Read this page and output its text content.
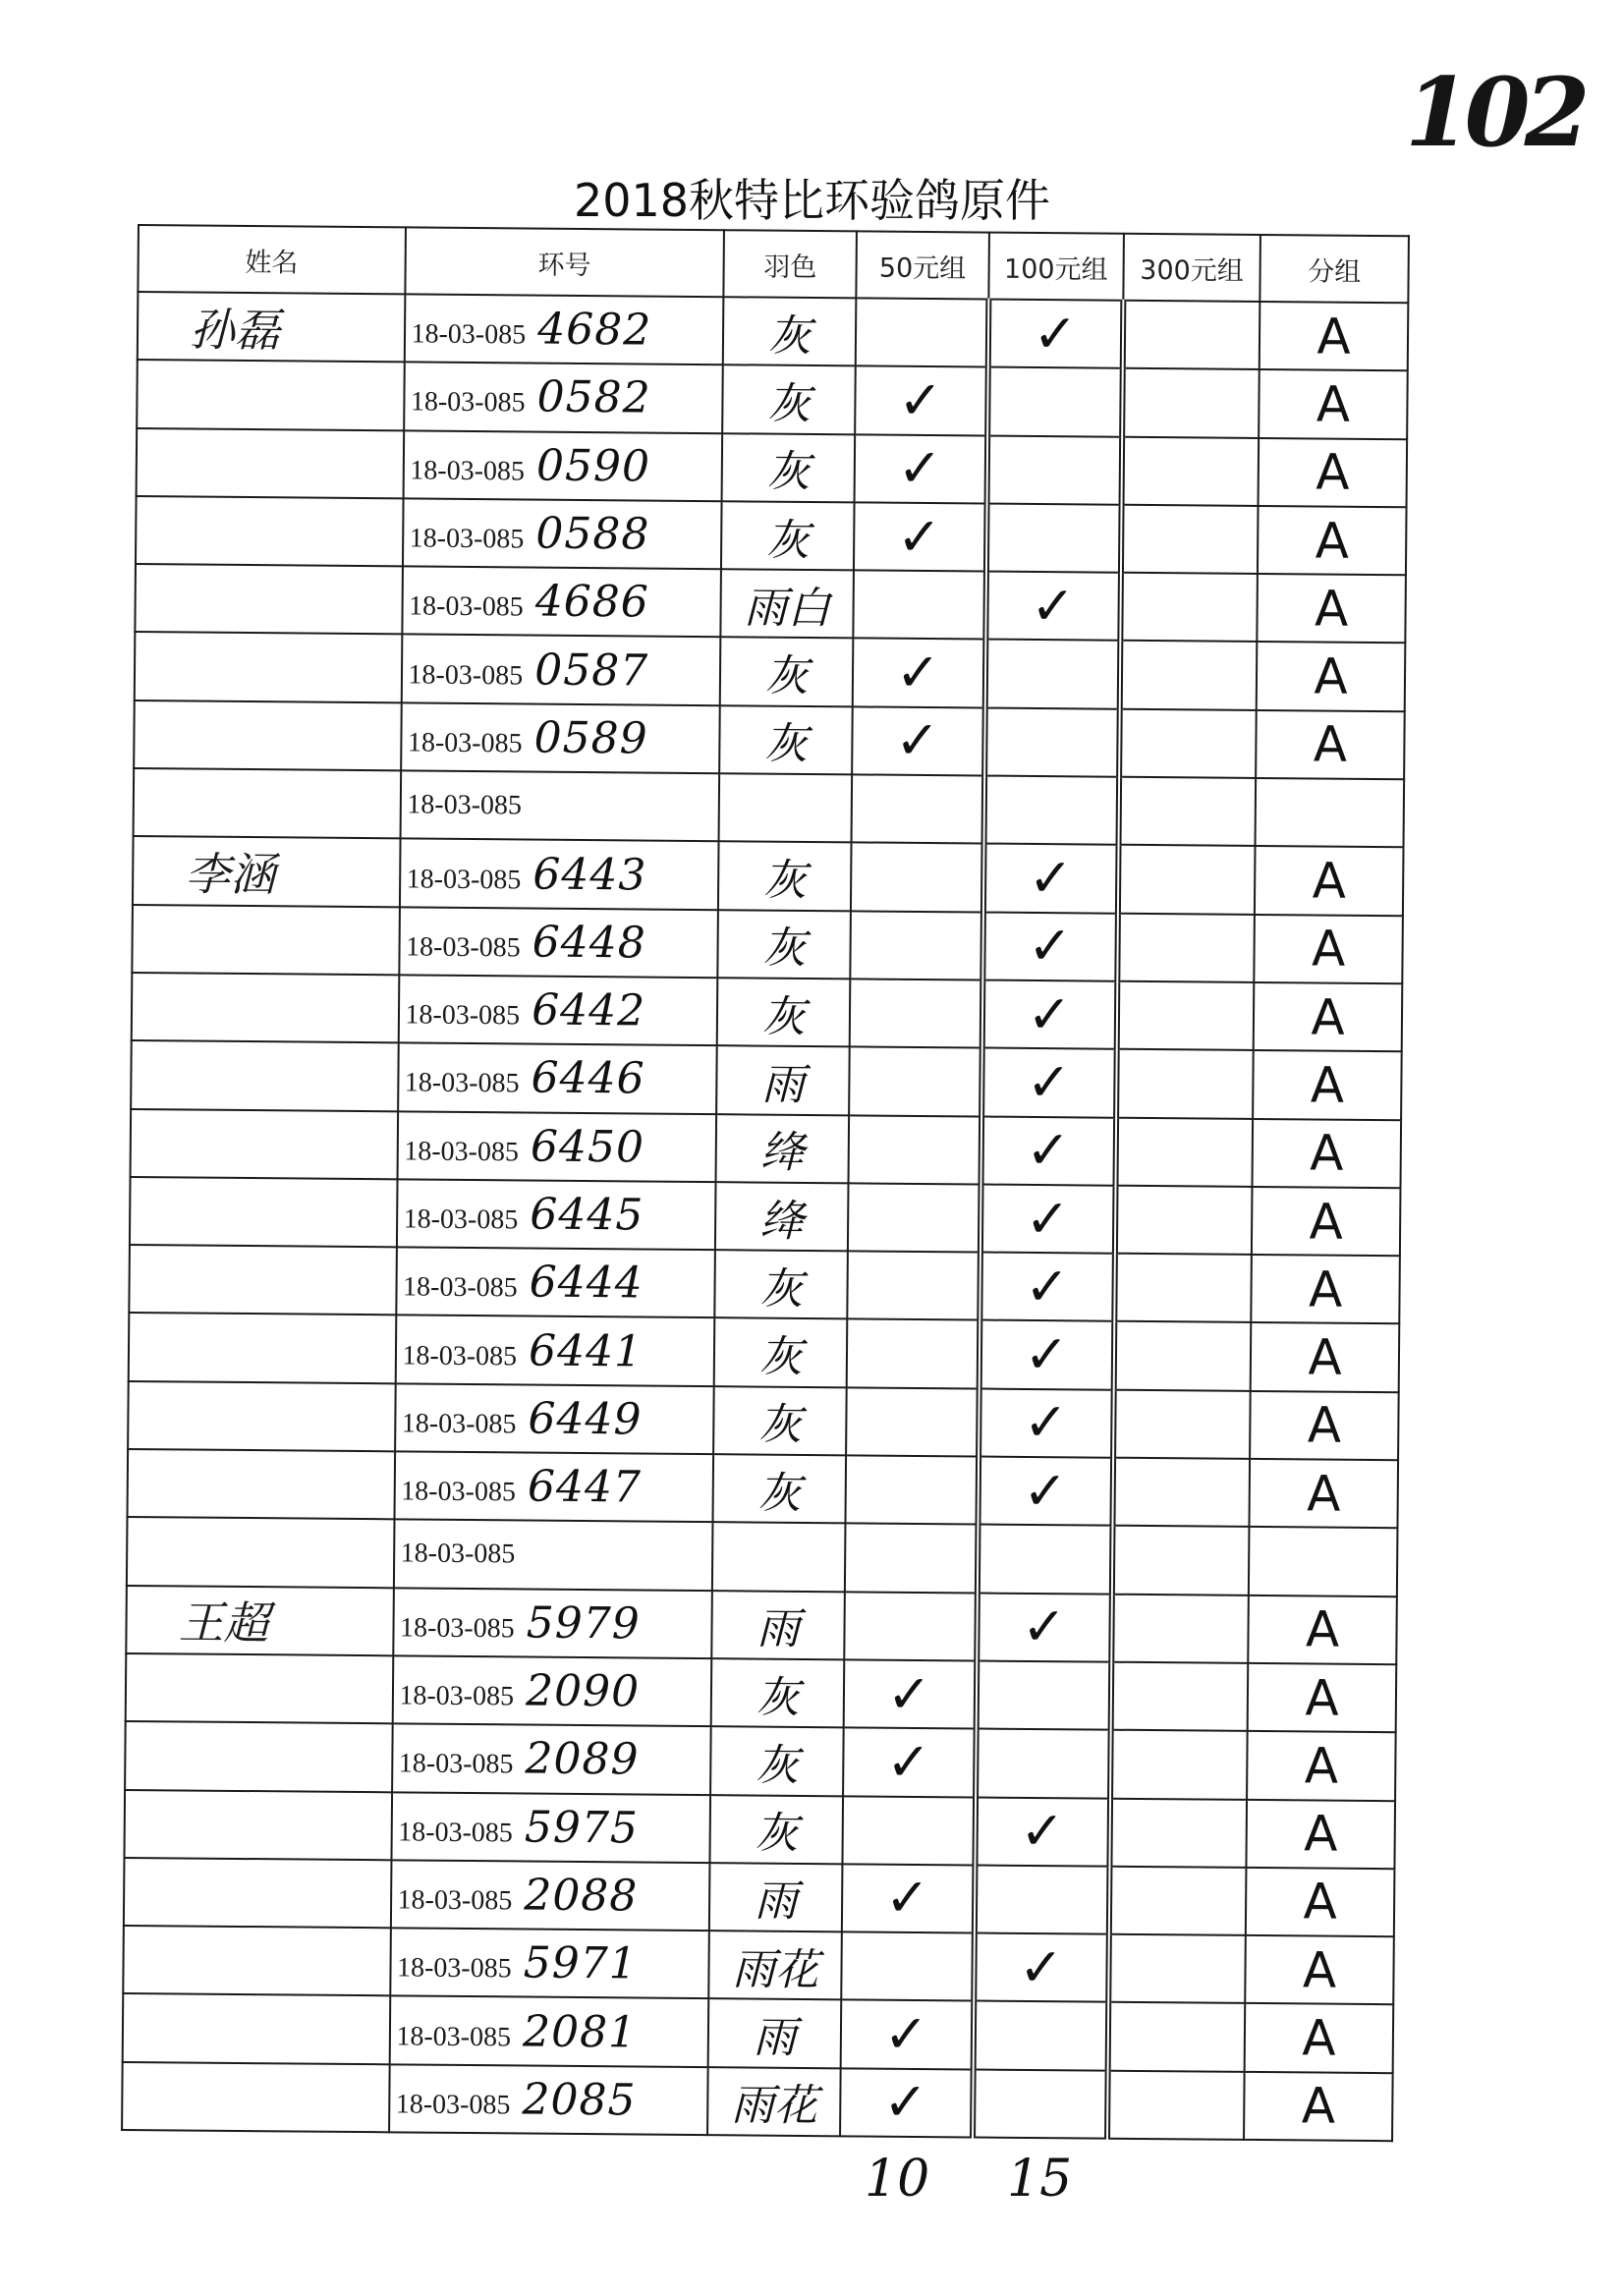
102
2018秋特比环验鸽原件
姓名	环号	羽色	50元组	100元组	300元组	分组
孙磊	18-03-085 4682	灰		✓		A
	18-03-085 0582	灰	✓			A
	18-03-085 0590	灰	✓			A
	18-03-085 0588	灰	✓			A
	18-03-085 4686	雨白		✓		A
	18-03-085 0587	灰	✓			A
	18-03-085 0589	灰	✓			A
	18-03-085					
李涵	18-03-085 6443	灰		✓		A
	18-03-085 6448	灰		✓		A
	18-03-085 6442	灰		✓		A
	18-03-085 6446	雨		✓		A
	18-03-085 6450	绛		✓		A
	18-03-085 6445	绛		✓		A
	18-03-085 6444	灰		✓		A
	18-03-085 6441	灰		✓		A
	18-03-085 6449	灰		✓		A
	18-03-085 6447	灰		✓		A
	18-03-085					
王超	18-03-085 5979	雨		✓		A
	18-03-085 2090	灰	✓			A
	18-03-085 2089	灰	✓			A
	18-03-085 5975	灰		✓		A
	18-03-085 2088	雨	✓			A
	18-03-085 5971	雨花		✓		A
	18-03-085 2081	雨	✓			A
	18-03-085 2085	雨花	✓			A
10 15
